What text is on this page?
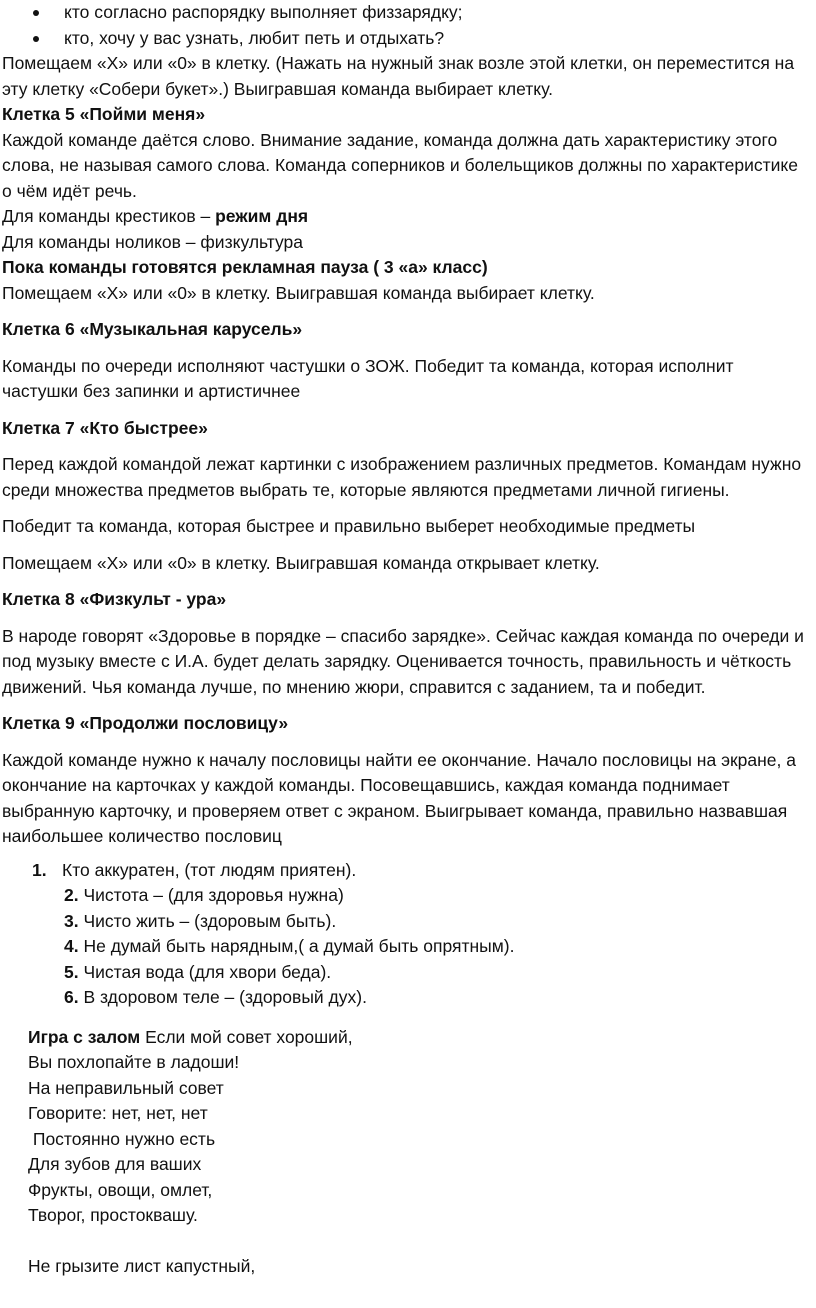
кто согласно распорядку выполняет физзарядку;
кто, хочу у вас узнать, любит петь и отдыхать?

Помещаем «Х» или «0» в клетку. (Нажать на нужный знак возле этой клетки, он переместится на эту клетку «Собери букет».) Выигравшая команда выбирает клетку.

Клетка 5 «Пойми меня»

Каждой команде даётся слово. Внимание задание, команда должна дать характеристику этого слова, не называя самого слова. Команда соперников и болельщиков должны по характеристике о чём идёт речь.

Для команды крестиков – режим дня

Для команды ноликов – физкультура

Пока команды готовятся рекламная пауза ( 3 «а» класс)

Помещаем «Х» или «0» в клетку. Выигравшая команда выбирает клетку.

Клетка 6 «Музыкальная карусель»

Команды по очереди исполняют частушки о ЗОЖ. Победит та команда, которая исполнит частушки без запинки и артистичнее

Клетка 7 «Кто быстрее»

Перед каждой командой лежат картинки с изображением различных предметов. Командам нужно среди множества предметов выбрать те, которые являются предметами личной гигиены.

Победит та команда, которая быстрее и правильно выберет необходимые предметы

Помещаем «Х» или «0» в клетку. Выигравшая команда открывает клетку.

Клетка 8 «Физкульт - ура»

В народе говорят «Здоровье в порядке – спасибо зарядке». Сейчас каждая команда по очереди и под музыку вместе с И.А. будет делать зарядку. Оценивается точность, правильность и чёткость движений. Чья команда лучше, по мнению жюри, справится с заданием, та и победит.

Клетка 9 «Продолжи пословицу»

Каждой команде нужно к началу пословицы найти ее окончание. Начало пословицы на экране, а окончание на карточках у каждой команды. Посовещавшись, каждая команда поднимает выбранную карточку, и проверяем ответ с экраном. Выигрывает команда, правильно назвавшая наибольшее количество пословиц

1. Кто аккуратен, (тот людям приятен).
2. Чистота – (для здоровья нужна)
3. Чисто жить – (здоровым быть).
4. Не думай быть нарядным,( а думай быть опрятным).
5. Чистая вода (для хвори беда).
6. В здоровом теле – (здоровый дух).

Игра с залом Если мой совет хороший,

Вы похлопайте в ладоши!

На неправильный совет

Говорите: нет, нет, нет

Постоянно нужно есть

Для зубов для ваших

Фрукты, овощи, омлет,

Творог, простоквашу.

Не грызите лист капустный,
